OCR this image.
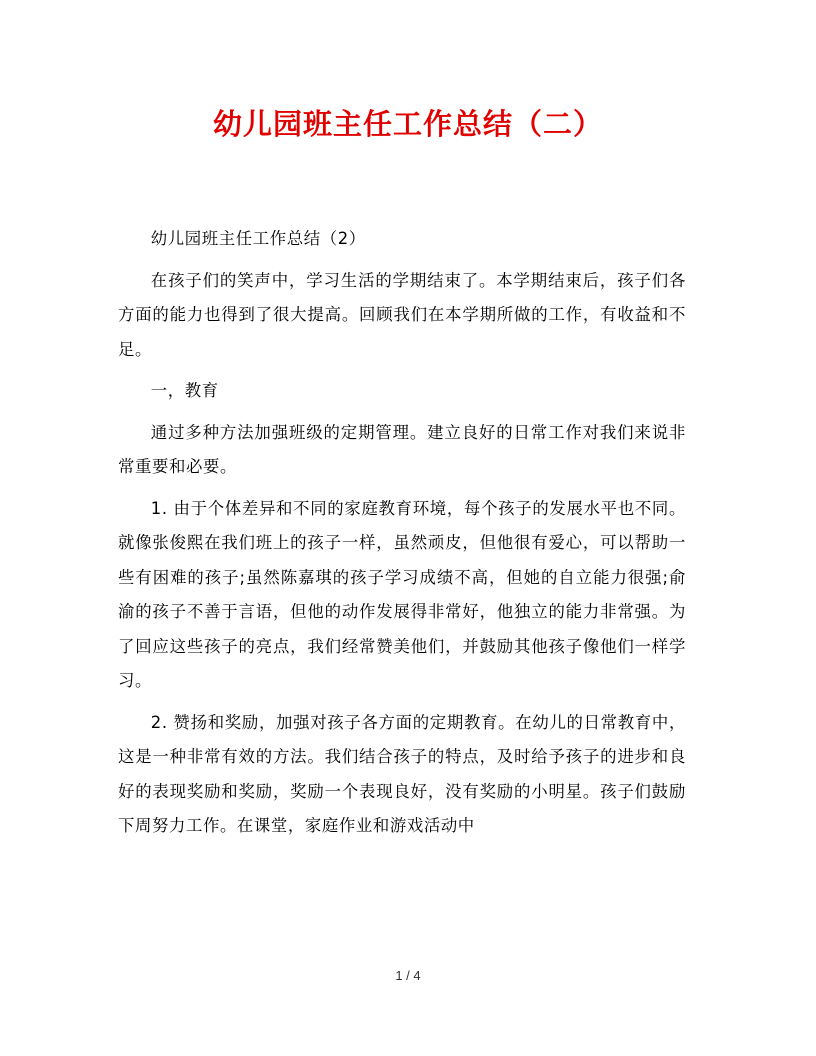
幼儿园班主任工作总结（二）

幼儿园班主任工作总结（2）

在孩子们的笑声中，学习生活的学期结束了。本学期结束后，孩子们各方面的能力也得到了很大提高。回顾我们在本学期所做的工作，有收益和不足。

一，教育

通过多种方法加强班级的定期管理。建立良好的日常工作对我们来说非常重要和必要。

1. 由于个体差异和不同的家庭教育环境，每个孩子的发展水平也不同。就像张俊熙在我们班上的孩子一样，虽然顽皮，但他很有爱心，可以帮助一些有困难的孩子;虽然陈嘉琪的孩子学习成绩不高，但她的自立能力很强;俞渝的孩子不善于言语，但他的动作发展得非常好，他独立的能力非常强。为了回应这些孩子的亮点，我们经常赞美他们，并鼓励其他孩子像他们一样学习。

2. 赞扬和奖励，加强对孩子各方面的定期教育。在幼儿的日常教育中，这是一种非常有效的方法。我们结合孩子的特点，及时给予孩子的进步和良好的表现奖励和奖励，奖励一个表现良好，没有奖励的小明星。孩子们鼓励下周努力工作。在课堂，家庭作业和游戏活动中

1 / 4
